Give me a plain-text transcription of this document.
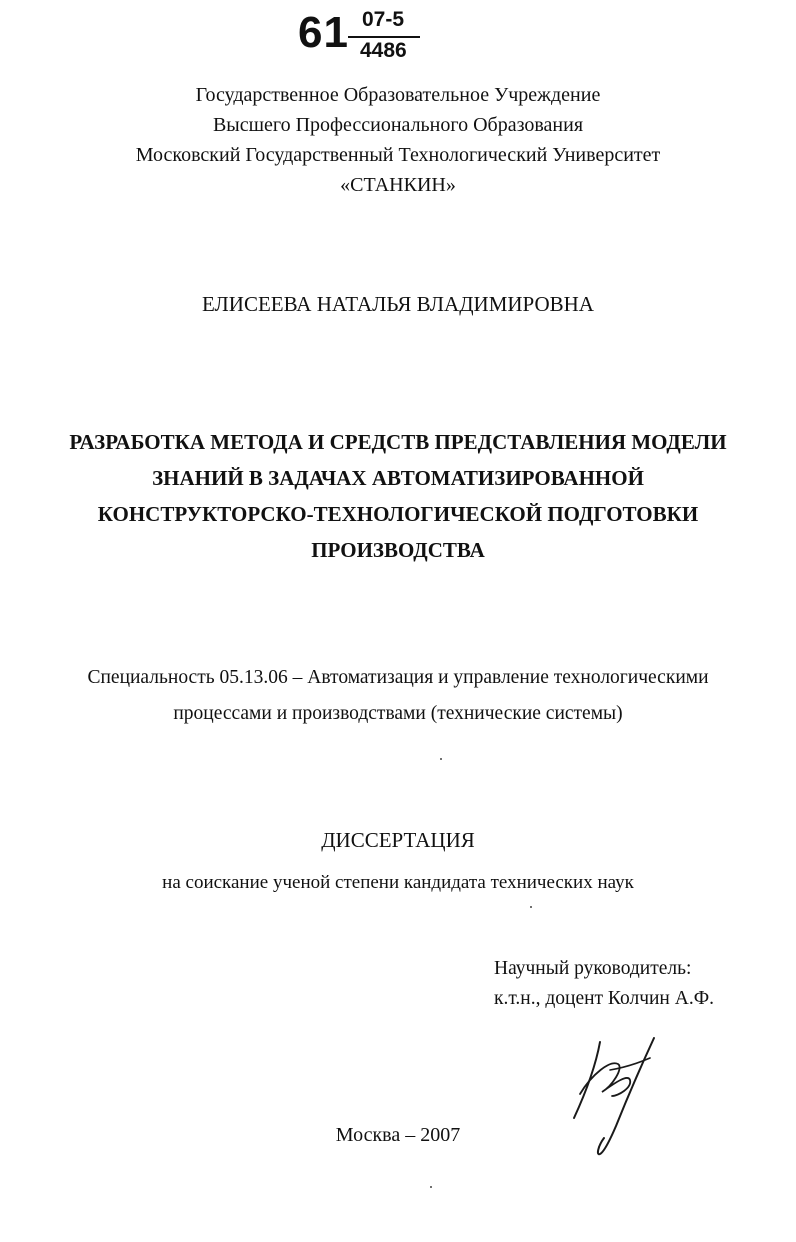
61 07-5
4486
Государственное Образовательное Учреждение
Высшего Профессионального Образования
Московский Государственный Технологический Университет
«СТАНКИН»
ЕЛИСЕЕВА НАТАЛЬЯ ВЛАДИМИРОВНА
РАЗРАБОТКА МЕТОДА И СРЕДСТВ ПРЕДСТАВЛЕНИЯ МОДЕЛИ
ЗНАНИЙ В ЗАДАЧАХ АВТОМАТИЗИРОВАННОЙ
КОНСТРУКТОРСКО-ТЕХНОЛОГИЧЕСКОЙ ПОДГОТОВКИ
ПРОИЗВОДСТВА
Специальность 05.13.06 – Автоматизация и управление технологическими
процессами и производствами (технические системы)
ДИССЕРТАЦИЯ
на соискание ученой степени кандидата технических наук
Научный руководитель:
к.т.н., доцент Колчин А.Ф.
Москва – 2007
